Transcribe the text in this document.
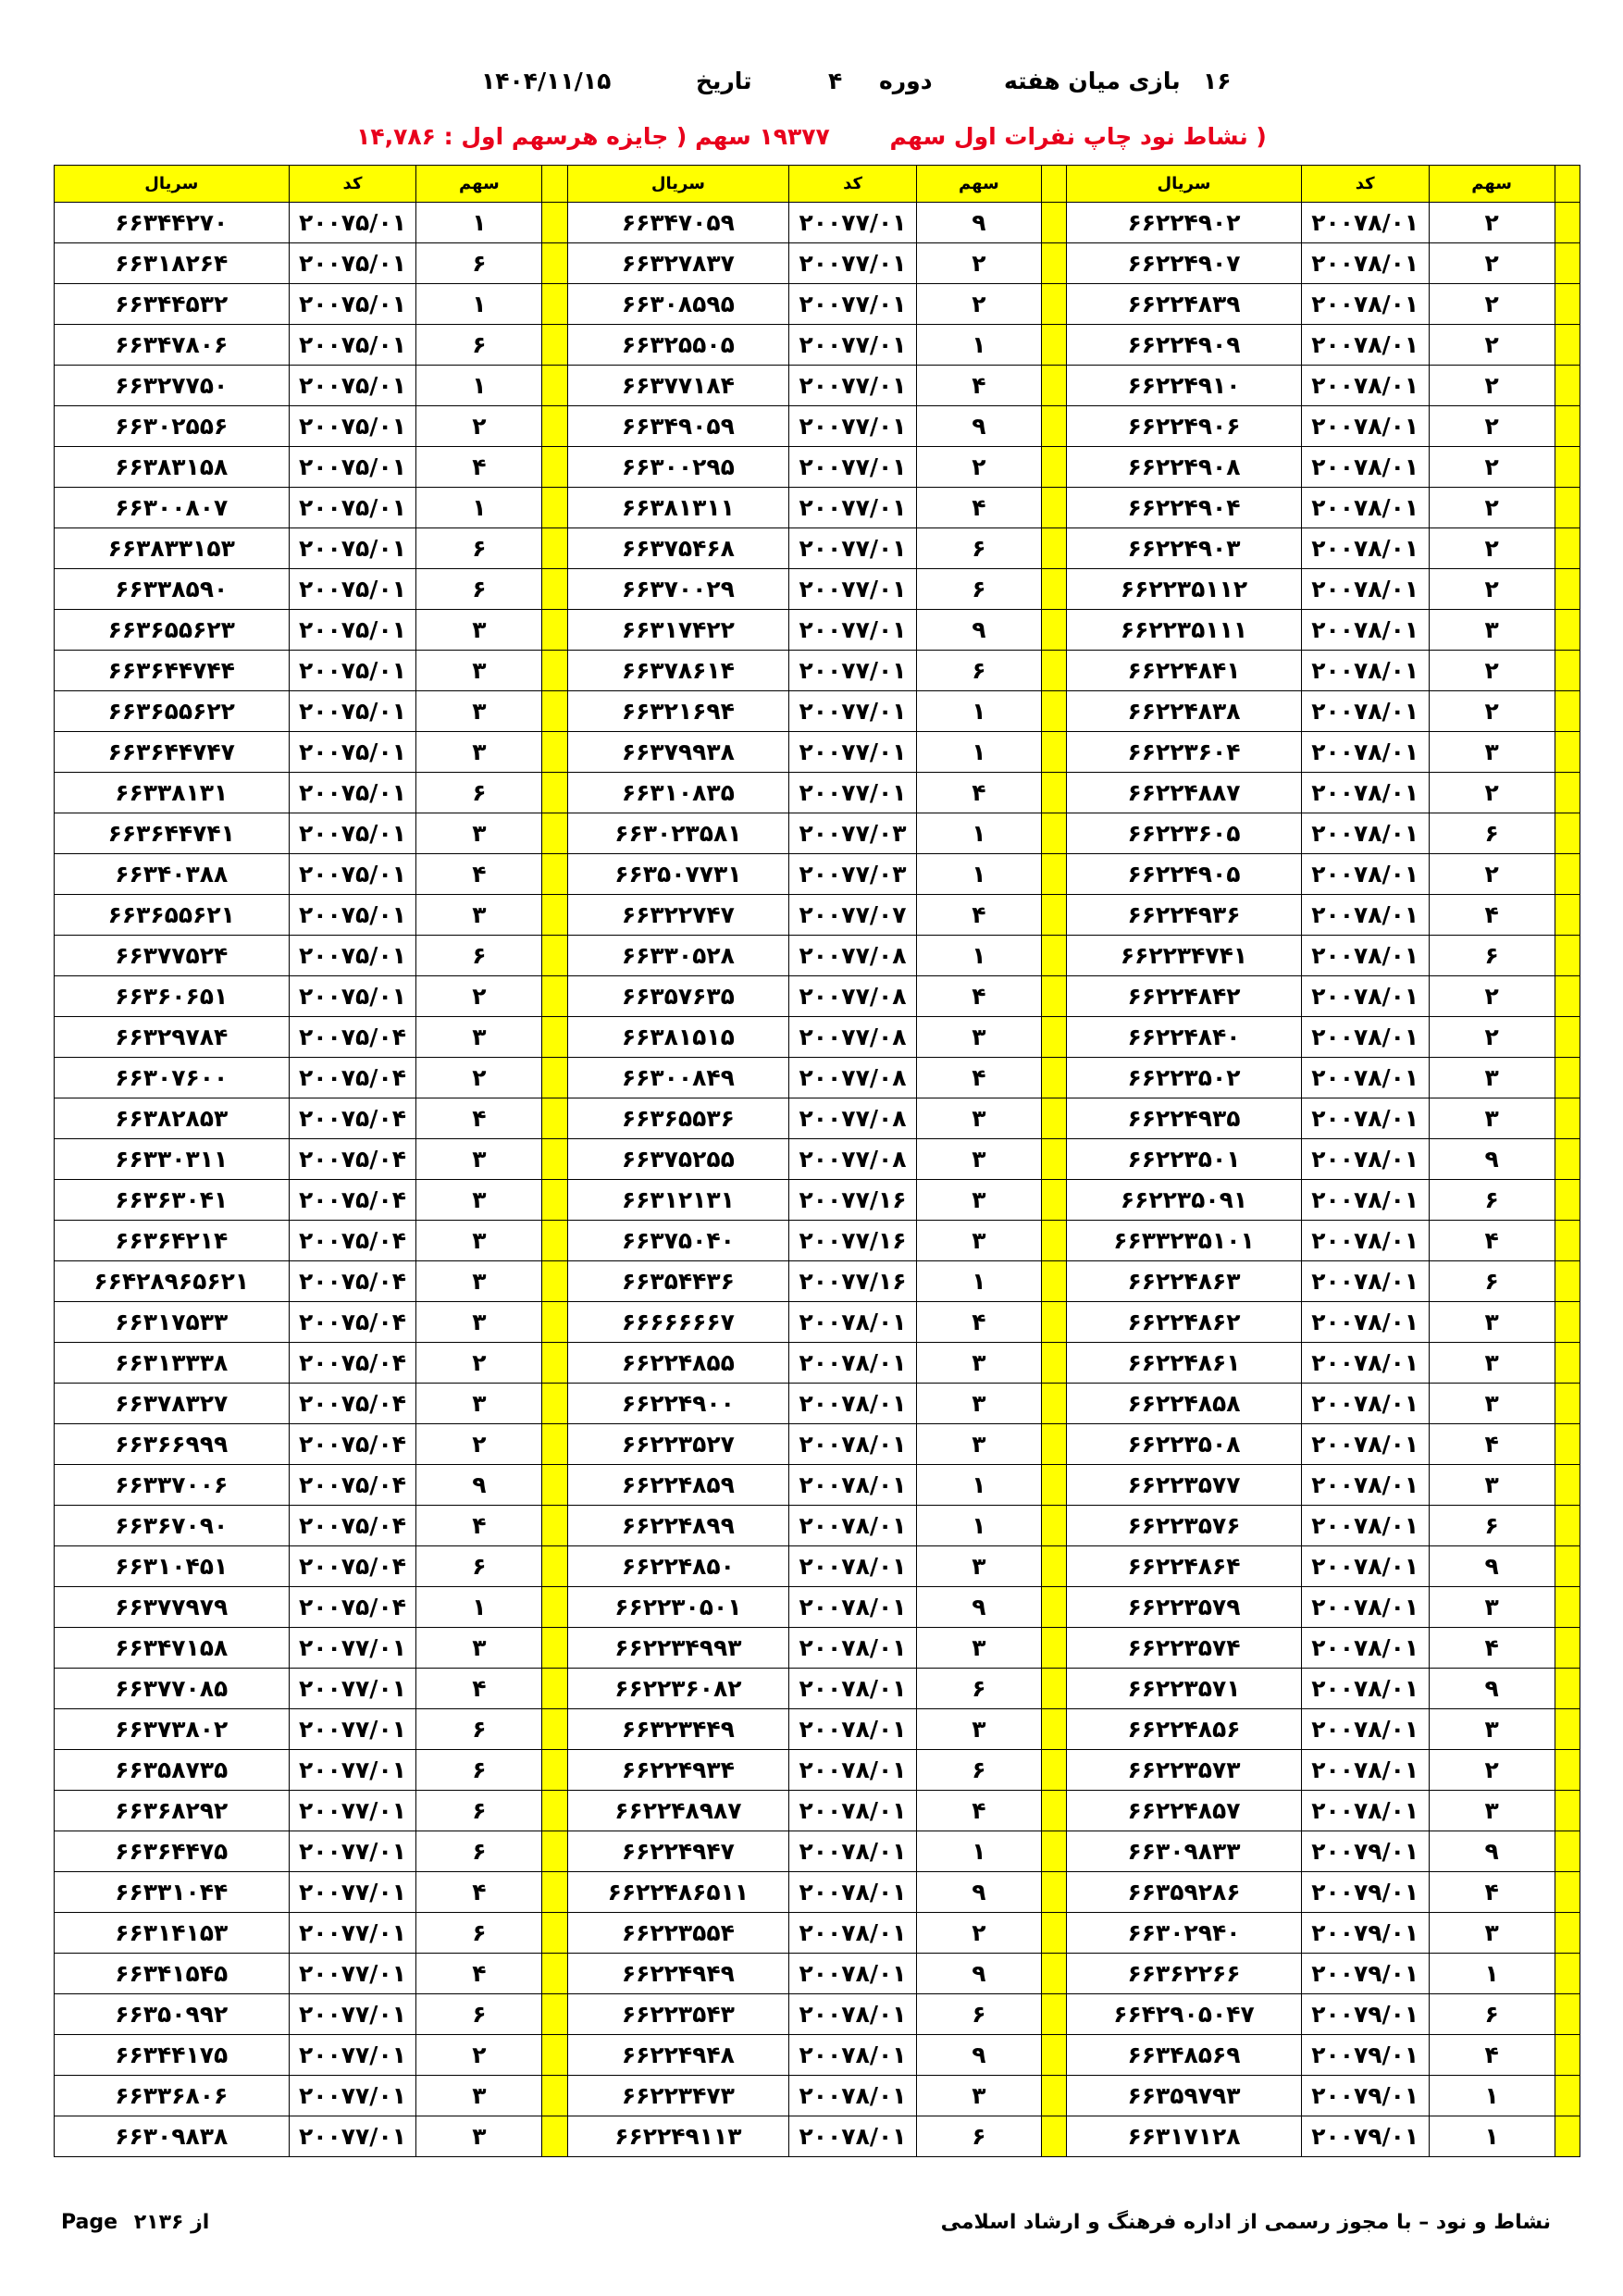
۱۶
بازی میان هفته
دوره
۴
تاریخ
۱۴۰۴/۱۱/۱۵
( نشاط نود چاپ نفرات اول سهم ۱۹۳۷۷ سهم ( جایزه هرسهم اول : ۱۴,۷۸۶
سریال	کد	سهم		سریال	کد	سهم		سریال	کد	سهم	
۶۶۳۴۴۲۷۰	۲۰۰۷۵/۰۱	۱		۶۶۳۴۷۰۵۹	۲۰۰۷۷/۰۱	۹		۶۶۲۲۴۹۰۲	۲۰۰۷۸/۰۱	۲	
۶۶۳۱۸۲۶۴	۲۰۰۷۵/۰۱	۶		۶۶۳۲۷۸۳۷	۲۰۰۷۷/۰۱	۲		۶۶۲۲۴۹۰۷	۲۰۰۷۸/۰۱	۲	
۶۶۳۴۴۵۳۲	۲۰۰۷۵/۰۱	۱		۶۶۳۰۸۵۹۵	۲۰۰۷۷/۰۱	۲		۶۶۲۲۴۸۳۹	۲۰۰۷۸/۰۱	۲	
۶۶۳۴۷۸۰۶	۲۰۰۷۵/۰۱	۶		۶۶۳۲۵۵۰۵	۲۰۰۷۷/۰۱	۱		۶۶۲۲۴۹۰۹	۲۰۰۷۸/۰۱	۲	
۶۶۳۲۷۷۵۰	۲۰۰۷۵/۰۱	۱		۶۶۳۷۷۱۸۴	۲۰۰۷۷/۰۱	۴		۶۶۲۲۴۹۱۰	۲۰۰۷۸/۰۱	۲	
۶۶۳۰۲۵۵۶	۲۰۰۷۵/۰۱	۲		۶۶۳۴۹۰۵۹	۲۰۰۷۷/۰۱	۹		۶۶۲۲۴۹۰۶	۲۰۰۷۸/۰۱	۲	
۶۶۳۸۳۱۵۸	۲۰۰۷۵/۰۱	۴		۶۶۳۰۰۲۹۵	۲۰۰۷۷/۰۱	۲		۶۶۲۲۴۹۰۸	۲۰۰۷۸/۰۱	۲	
۶۶۳۰۰۸۰۷	۲۰۰۷۵/۰۱	۱		۶۶۳۸۱۳۱۱	۲۰۰۷۷/۰۱	۴		۶۶۲۲۴۹۰۴	۲۰۰۷۸/۰۱	۲	
۶۶۳۸۳۳۱۵۳	۲۰۰۷۵/۰۱	۶		۶۶۳۷۵۴۶۸	۲۰۰۷۷/۰۱	۶		۶۶۲۲۴۹۰۳	۲۰۰۷۸/۰۱	۲	
۶۶۳۳۸۵۹۰	۲۰۰۷۵/۰۱	۶		۶۶۳۷۰۰۲۹	۲۰۰۷۷/۰۱	۶		۶۶۲۲۳۵۱۱۲	۲۰۰۷۸/۰۱	۲	
۶۶۳۶۵۵۶۲۳	۲۰۰۷۵/۰۱	۳		۶۶۳۱۷۴۲۲	۲۰۰۷۷/۰۱	۹		۶۶۲۲۳۵۱۱۱	۲۰۰۷۸/۰۱	۳	
۶۶۳۶۴۴۷۴۴	۲۰۰۷۵/۰۱	۳		۶۶۳۷۸۶۱۴	۲۰۰۷۷/۰۱	۶		۶۶۲۲۴۸۴۱	۲۰۰۷۸/۰۱	۲	
۶۶۳۶۵۵۶۲۲	۲۰۰۷۵/۰۱	۳		۶۶۳۲۱۶۹۴	۲۰۰۷۷/۰۱	۱		۶۶۲۲۴۸۳۸	۲۰۰۷۸/۰۱	۲	
۶۶۳۶۴۴۷۴۷	۲۰۰۷۵/۰۱	۳		۶۶۳۷۹۹۳۸	۲۰۰۷۷/۰۱	۱		۶۶۲۲۳۶۰۴	۲۰۰۷۸/۰۱	۳	
۶۶۳۳۸۱۳۱	۲۰۰۷۵/۰۱	۶		۶۶۳۱۰۸۳۵	۲۰۰۷۷/۰۱	۴		۶۶۲۲۴۸۸۷	۲۰۰۷۸/۰۱	۲	
۶۶۳۶۴۴۷۴۱	۲۰۰۷۵/۰۱	۳		۶۶۳۰۲۳۵۸۱	۲۰۰۷۷/۰۳	۱		۶۶۲۲۳۶۰۵	۲۰۰۷۸/۰۱	۶	
۶۶۳۴۰۳۸۸	۲۰۰۷۵/۰۱	۴		۶۶۳۵۰۷۷۳۱	۲۰۰۷۷/۰۳	۱		۶۶۲۲۴۹۰۵	۲۰۰۷۸/۰۱	۲	
۶۶۳۶۵۵۶۲۱	۲۰۰۷۵/۰۱	۳		۶۶۳۲۲۷۴۷	۲۰۰۷۷/۰۷	۴		۶۶۲۲۴۹۳۶	۲۰۰۷۸/۰۱	۴	
۶۶۳۷۷۵۲۴	۲۰۰۷۵/۰۱	۶		۶۶۳۳۰۵۲۸	۲۰۰۷۷/۰۸	۱		۶۶۲۲۳۴۷۴۱	۲۰۰۷۸/۰۱	۶	
۶۶۳۶۰۶۵۱	۲۰۰۷۵/۰۱	۲		۶۶۳۵۷۶۳۵	۲۰۰۷۷/۰۸	۴		۶۶۲۲۴۸۴۲	۲۰۰۷۸/۰۱	۲	
۶۶۳۲۹۷۸۴	۲۰۰۷۵/۰۴	۳		۶۶۳۸۱۵۱۵	۲۰۰۷۷/۰۸	۳		۶۶۲۲۴۸۴۰	۲۰۰۷۸/۰۱	۲	
۶۶۳۰۷۶۰۰	۲۰۰۷۵/۰۴	۲		۶۶۳۰۰۸۴۹	۲۰۰۷۷/۰۸	۴		۶۶۲۲۳۵۰۲	۲۰۰۷۸/۰۱	۳	
۶۶۳۸۲۸۵۳	۲۰۰۷۵/۰۴	۴		۶۶۳۶۵۵۳۶	۲۰۰۷۷/۰۸	۳		۶۶۲۲۴۹۳۵	۲۰۰۷۸/۰۱	۳	
۶۶۳۳۰۳۱۱	۲۰۰۷۵/۰۴	۳		۶۶۳۷۵۲۵۵	۲۰۰۷۷/۰۸	۳		۶۶۲۲۳۵۰۱	۲۰۰۷۸/۰۱	۹	
۶۶۳۶۳۰۴۱	۲۰۰۷۵/۰۴	۳		۶۶۳۱۲۱۳۱	۲۰۰۷۷/۱۶	۳		۶۶۲۲۳۵۰۹۱	۲۰۰۷۸/۰۱	۶	
۶۶۳۶۴۲۱۴	۲۰۰۷۵/۰۴	۳		۶۶۳۷۵۰۴۰	۲۰۰۷۷/۱۶	۳		۶۶۳۳۲۳۵۱۰۱	۲۰۰۷۸/۰۱	۴	
۶۶۴۲۸۹۶۵۶۲۱	۲۰۰۷۵/۰۴	۳		۶۶۳۵۴۴۳۶	۲۰۰۷۷/۱۶	۱		۶۶۲۲۴۸۶۳	۲۰۰۷۸/۰۱	۶	
۶۶۳۱۷۵۳۳	۲۰۰۷۵/۰۴	۳		۶۶۶۶۶۶۶۷	۲۰۰۷۸/۰۱	۴		۶۶۲۲۴۸۶۲	۲۰۰۷۸/۰۱	۳	
۶۶۳۱۳۳۳۸	۲۰۰۷۵/۰۴	۲		۶۶۲۲۴۸۵۵	۲۰۰۷۸/۰۱	۳		۶۶۲۲۴۸۶۱	۲۰۰۷۸/۰۱	۳	
۶۶۳۷۸۳۲۷	۲۰۰۷۵/۰۴	۳		۶۶۲۲۴۹۰۰	۲۰۰۷۸/۰۱	۳		۶۶۲۲۴۸۵۸	۲۰۰۷۸/۰۱	۳	
۶۶۳۶۶۹۹۹	۲۰۰۷۵/۰۴	۲		۶۶۲۲۳۵۲۷	۲۰۰۷۸/۰۱	۳		۶۶۲۲۳۵۰۸	۲۰۰۷۸/۰۱	۴	
۶۶۳۳۷۰۰۶	۲۰۰۷۵/۰۴	۹		۶۶۲۲۴۸۵۹	۲۰۰۷۸/۰۱	۱		۶۶۲۲۳۵۷۷	۲۰۰۷۸/۰۱	۳	
۶۶۳۶۷۰۹۰	۲۰۰۷۵/۰۴	۴		۶۶۲۲۴۸۹۹	۲۰۰۷۸/۰۱	۱		۶۶۲۲۳۵۷۶	۲۰۰۷۸/۰۱	۶	
۶۶۳۱۰۴۵۱	۲۰۰۷۵/۰۴	۶		۶۶۲۲۴۸۵۰	۲۰۰۷۸/۰۱	۳		۶۶۲۲۴۸۶۴	۲۰۰۷۸/۰۱	۹	
۶۶۳۷۷۹۷۹	۲۰۰۷۵/۰۴	۱		۶۶۲۲۳۰۵۰۱	۲۰۰۷۸/۰۱	۹		۶۶۲۲۳۵۷۹	۲۰۰۷۸/۰۱	۳	
۶۶۳۴۷۱۵۸	۲۰۰۷۷/۰۱	۳		۶۶۲۲۳۴۹۹۳	۲۰۰۷۸/۰۱	۳		۶۶۲۲۳۵۷۴	۲۰۰۷۸/۰۱	۴	
۶۶۳۷۷۰۸۵	۲۰۰۷۷/۰۱	۴		۶۶۲۲۳۶۰۸۲	۲۰۰۷۸/۰۱	۶		۶۶۲۲۳۵۷۱	۲۰۰۷۸/۰۱	۹	
۶۶۳۷۳۸۰۲	۲۰۰۷۷/۰۱	۶		۶۶۳۲۳۴۴۹	۲۰۰۷۸/۰۱	۳		۶۶۲۲۴۸۵۶	۲۰۰۷۸/۰۱	۳	
۶۶۳۵۸۷۳۵	۲۰۰۷۷/۰۱	۶		۶۶۲۲۴۹۳۴	۲۰۰۷۸/۰۱	۶		۶۶۲۲۳۵۷۳	۲۰۰۷۸/۰۱	۲	
۶۶۳۶۸۲۹۲	۲۰۰۷۷/۰۱	۶		۶۶۲۲۴۸۹۸۷	۲۰۰۷۸/۰۱	۴		۶۶۲۲۴۸۵۷	۲۰۰۷۸/۰۱	۳	
۶۶۳۶۴۴۷۵	۲۰۰۷۷/۰۱	۶		۶۶۲۲۴۹۴۷	۲۰۰۷۸/۰۱	۱		۶۶۳۰۹۸۳۳	۲۰۰۷۹/۰۱	۹	
۶۶۳۳۱۰۴۴	۲۰۰۷۷/۰۱	۴		۶۶۲۲۴۸۶۵۱۱	۲۰۰۷۸/۰۱	۹		۶۶۳۵۹۲۸۶	۲۰۰۷۹/۰۱	۴	
۶۶۳۱۴۱۵۳	۲۰۰۷۷/۰۱	۶		۶۶۲۲۳۵۵۴	۲۰۰۷۸/۰۱	۲		۶۶۳۰۲۹۴۰	۲۰۰۷۹/۰۱	۳	
۶۶۳۴۱۵۴۵	۲۰۰۷۷/۰۱	۴		۶۶۲۲۴۹۴۹	۲۰۰۷۸/۰۱	۹		۶۶۳۶۲۲۶۶	۲۰۰۷۹/۰۱	۱	
۶۶۳۵۰۹۹۲	۲۰۰۷۷/۰۱	۶		۶۶۲۲۳۵۴۳	۲۰۰۷۸/۰۱	۶		۶۶۴۲۹۰۵۰۴۷	۲۰۰۷۹/۰۱	۶	
۶۶۳۴۴۱۷۵	۲۰۰۷۷/۰۱	۲		۶۶۲۲۴۹۴۸	۲۰۰۷۸/۰۱	۹		۶۶۳۴۸۵۶۹	۲۰۰۷۹/۰۱	۴	
۶۶۳۳۶۸۰۶	۲۰۰۷۷/۰۱	۳		۶۶۲۲۳۴۷۳	۲۰۰۷۸/۰۱	۳		۶۶۳۵۹۷۹۳	۲۰۰۷۹/۰۱	۱	
۶۶۳۰۹۸۳۸	۲۰۰۷۷/۰۱	۳		۶۶۲۲۴۹۱۱۳	۲۰۰۷۸/۰۱	۶		۶۶۳۱۷۱۲۸	۲۰۰۷۹/۰۱	۱	
نشاط و نود – با مجوز رسمی از اداره فرهنگ و ارشاد اسلامی
Page از ۲۱۳۶
